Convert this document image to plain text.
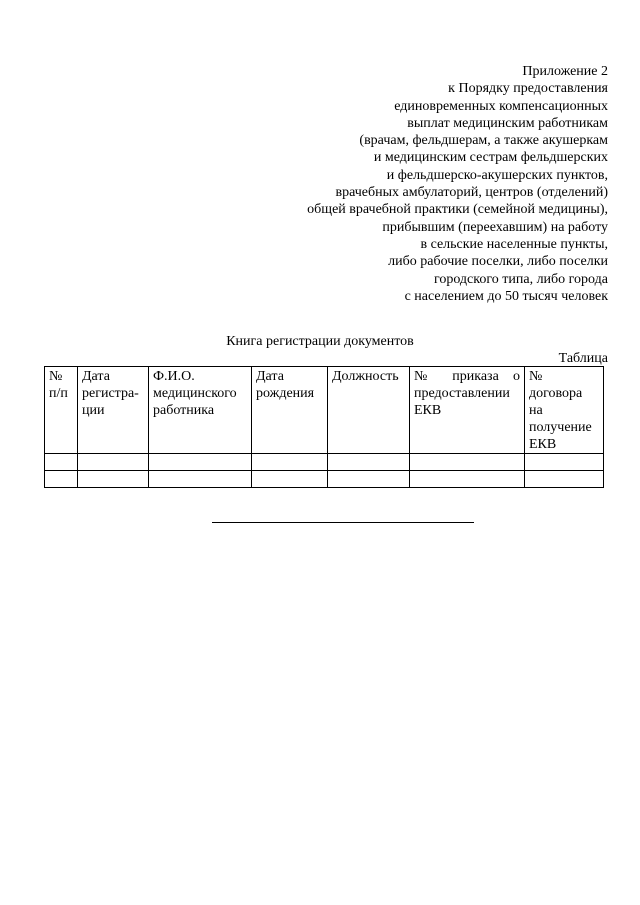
Приложение 2
к Порядку предоставления
единовременных компенсационных
выплат медицинским работникам
(врачам, фельдшерам, а также акушеркам
и медицинским сестрам фельдшерских
и фельдшерско-акушерских пунктов,
врачебных амбулаторий, центров (отделений)
общей врачебной практики (семейной медицины),
прибывшим (переехавшим) на работу
в сельские населенные пункты,
либо рабочие поселки, либо поселки
городского типа, либо города
с населением до 50 тысяч человек
Книга регистрации документов
Таблица
№ п/п	Дата регистра-ции	Ф.И.О. медицинского работника	Дата рождения	Должность	№ приказа о предоставлении ЕКВ	№ договора на получение ЕКВ
